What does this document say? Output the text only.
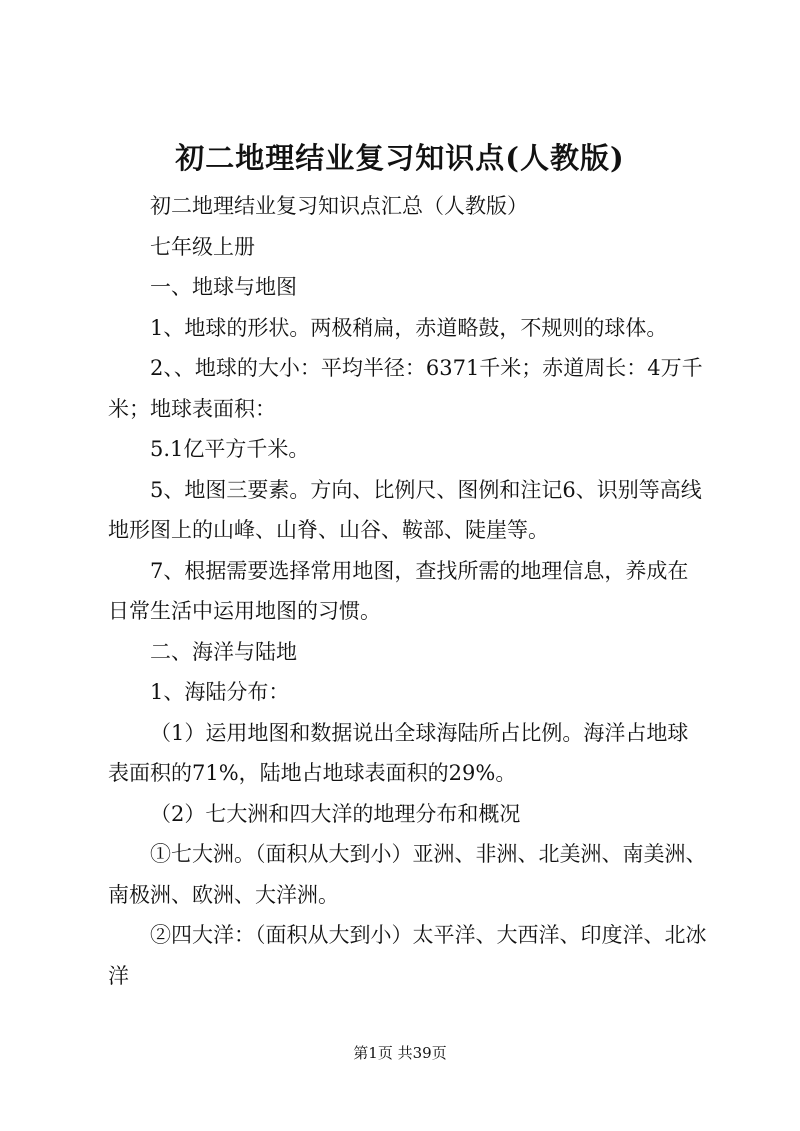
初二地理结业复习知识点(人教版)

初二地理结业复习知识点汇总（人教版）

七年级上册

一、地球与地图

1、地球的形状。两极稍扁，赤道略鼓，不规则的球体。

2、、地球的大小：平均半径：6371千米；赤道周长：4万千米；地球表面积：

5.1亿平方千米。

5、地图三要素。方向、比例尺、图例和注记6、识别等高线地形图上的山峰、山脊、山谷、鞍部、陡崖等。

7、根据需要选择常用地图，查找所需的地理信息，养成在日常生活中运用地图的习惯。

二、海洋与陆地

1、海陆分布：

（1）运用地图和数据说出全球海陆所占比例。海洋占地球表面积的71%，陆地占地球表面积的29%。

（2）七大洲和四大洋的地理分布和概况

①七大洲。（面积从大到小）亚洲、非洲、北美洲、南美洲、南极洲、欧洲、大洋洲。

②四大洋：（面积从大到小）太平洋、大西洋、印度洋、北冰洋

第1页 共39页
